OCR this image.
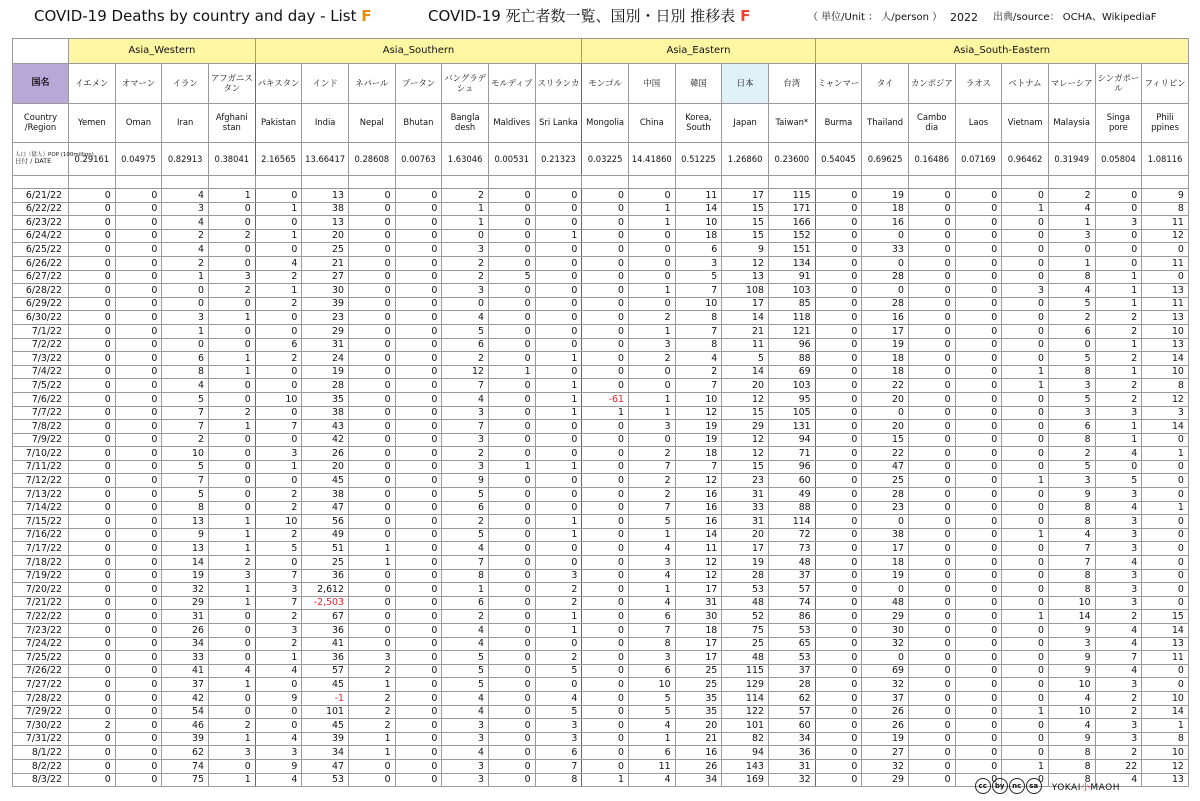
COVID-19 Deaths by country and day - List F	COVID-19 死亡者数一覧、国別・日別 推移表 F	（ 単位/Unit ： 人/person ） 2022 出典/source： OCHA、WikipediaF
	Asia_Western				Asia_Southern							Asia_Eastern					Asia_South-Eastern							
国名	イエメン	オマーン	イラン	アフガニスタン	パキスタン	インド	ネパール	ブータン	バングラデシュ	モルディブ	スリランカ	モンゴル	中国	韓国	日本	台湾	ミャンマー	タイ	カンボジア	ラオス	ベトナム	マレーシア	シンガポール	フィリピン
Country /Region	Yemen	Oman	Iran	Afghani stan	Pakistan	India	Nepal	Bhutan	Bangla desh	Maldives	Sri Lanka	Mongolia	China	Korea, South	Japan	Taiwan*	Burma	Thailand	Cambo dia	Laos	Vietnam	Malaysia	Singa pore	Phili ppines

人口（億人）POP (100million)
日付 / DATE	0.29161	0.04975	0.82913	0.38041	2.16565	13.66417	0.28608	0.00763	1.63046	0.00531	0.21323	0.03225	14.41860	0.51225	1.26860	0.23600	0.54045	0.69625	0.16486	0.07169	0.96462	0.31949	0.05804	1.08116

6/21/22	0	0	4	1	0	13	0	0	2	0	0	0	0	11	17	115	0	19	0	0	0	2	0	9
6/22/22	0	0	3	0	1	38	0	0	1	0	0	0	1	14	15	171	0	18	0	0	1	4	0	8
6/23/22	0	0	4	0	0	13	0	0	1	0	0	0	1	10	15	166	0	16	0	0	0	1	3	11
6/24/22	0	0	2	2	1	20	0	0	0	0	1	0	0	18	15	152	0	0	0	0	0	3	0	12
6/25/22	0	0	4	0	0	25	0	0	3	0	0	0	0	6	9	151	0	33	0	0	0	0	0	0
6/26/22	0	0	2	0	4	21	0	0	2	0	0	0	0	3	12	134	0	0	0	0	0	1	0	11
6/27/22	0	0	1	3	2	27	0	0	2	5	0	0	0	5	13	91	0	28	0	0	0	8	1	0
6/28/22	0	0	0	2	1	30	0	0	3	0	0	0	1	7	108	103	0	0	0	0	3	4	1	13
6/29/22	0	0	0	0	2	39	0	0	0	0	0	0	0	10	17	85	0	28	0	0	0	5	1	11
6/30/22	0	0	3	1	0	23	0	0	4	0	0	0	2	8	14	118	0	16	0	0	0	2	2	13
7/1/22	0	0	1	0	0	29	0	0	5	0	0	0	1	7	21	121	0	17	0	0	0	6	2	10
7/2/22	0	0	0	0	6	31	0	0	6	0	0	0	3	8	11	96	0	19	0	0	0	0	1	13
7/3/22	0	0	6	1	2	24	0	0	2	0	1	0	2	4	5	88	0	18	0	0	0	5	2	14
7/4/22	0	0	8	1	0	19	0	0	12	1	0	0	0	2	14	69	0	18	0	0	1	8	1	10
7/5/22	0	0	4	0	0	28	0	0	7	0	1	0	0	7	20	103	0	22	0	0	1	3	2	8
7/6/22	0	0	5	0	10	35	0	0	4	0	1	-61	1	10	12	95	0	20	0	0	0	5	2	12
7/7/22	0	0	7	2	0	38	0	0	3	0	1	1	1	12	15	105	0	0	0	0	0	3	3	3
7/8/22	0	0	7	1	7	43	0	0	7	0	0	0	3	19	29	131	0	20	0	0	0	6	1	14
7/9/22	0	0	2	0	0	42	0	0	3	0	0	0	0	19	12	94	0	15	0	0	0	8	1	0
7/10/22	0	0	10	0	3	26	0	0	2	0	0	0	2	18	12	71	0	22	0	0	0	2	4	1
7/11/22	0	0	5	0	1	20	0	0	3	1	1	0	7	7	15	96	0	47	0	0	0	5	0	0
7/12/22	0	0	7	0	0	45	0	0	9	0	0	0	2	12	23	60	0	25	0	0	1	3	5	0
7/13/22	0	0	5	0	2	38	0	0	5	0	0	0	2	16	31	49	0	28	0	0	0	9	3	0
7/14/22	0	0	8	0	2	47	0	0	6	0	0	0	7	16	33	88	0	23	0	0	0	8	4	1
7/15/22	0	0	13	1	10	56	0	0	2	0	1	0	5	16	31	114	0	0	0	0	0	8	3	0
7/16/22	0	0	9	1	2	49	0	0	5	0	1	0	1	14	20	72	0	38	0	0	1	4	3	0
7/17/22	0	0	13	1	5	51	1	0	4	0	0	0	4	11	17	73	0	17	0	0	0	7	3	0
7/18/22	0	0	14	2	0	25	1	0	7	0	0	0	3	12	19	48	0	18	0	0	0	7	4	0
7/19/22	0	0	19	3	7	36	0	0	8	0	3	0	4	12	28	37	0	19	0	0	0	8	3	0
7/20/22	0	0	32	1	3	2,612	0	0	1	0	2	0	1	17	53	57	0	0	0	0	0	8	3	0
7/21/22	0	0	29	1	7	-2,503	0	0	6	0	2	0	4	31	48	74	0	48	0	0	0	10	3	0
7/22/22	0	0	31	0	2	67	0	0	2	0	1	0	6	30	52	86	0	29	0	0	1	14	2	15
7/23/22	0	0	26	0	3	36	0	0	4	0	1	0	7	18	75	53	0	30	0	0	0	9	4	14
7/24/22	0	0	34	0	2	41	0	0	4	0	0	0	8	17	25	65	0	32	0	0	0	3	4	13
7/25/22	0	0	33	0	1	36	3	0	5	0	2	0	3	17	48	53	0	0	0	0	0	9	7	11
7/26/22	0	0	41	4	4	57	2	0	5	0	5	0	6	25	115	37	0	69	0	0	0	9	4	0
7/27/22	0	0	37	1	0	45	1	0	5	0	0	0	10	25	129	28	0	32	0	0	0	10	3	0
7/28/22	0	0	42	0	9	-1	2	0	4	0	4	0	5	35	114	62	0	37	0	0	0	4	2	10
7/29/22	0	0	54	0	0	101	2	0	4	0	5	0	5	35	122	57	0	26	0	0	1	10	2	14
7/30/22	2	0	46	2	0	45	2	0	3	0	3	0	4	20	101	60	0	26	0	0	0	4	3	1
7/31/22	0	0	39	1	4	39	1	0	3	0	3	0	1	21	82	34	0	19	0	0	0	9	3	8
8/1/22	0	0	62	3	3	34	1	0	4	0	6	0	6	16	94	36	0	27	0	0	0	8	2	10
8/2/22	0	0	74	0	9	47	0	0	3	0	7	0	11	26	143	31	0	32	0	0	1	8	22	12
8/3/22	0	0	75	1	4	53	0	0	3	0	8	1	4	34	169	32	0	29	0	0	0	8	4	13
cc	by	nc	sa	YOKAI小MAOH
